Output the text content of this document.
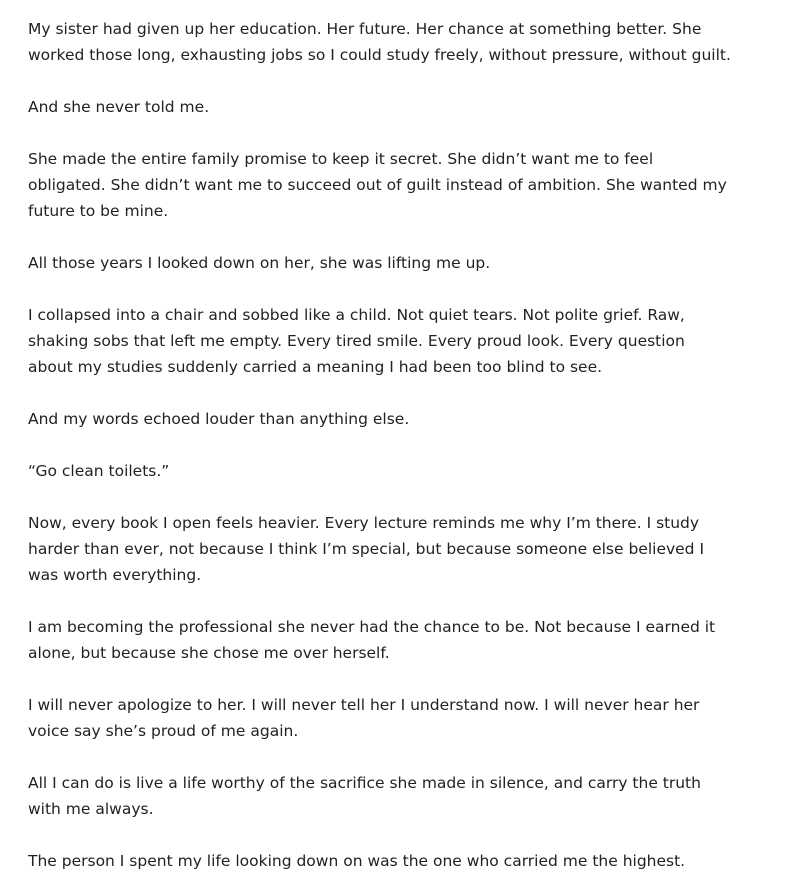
My sister had given up her education. Her future. Her chance at something better. She worked those long, exhausting jobs so I could study freely, without pressure, without guilt.

And she never told me.

She made the entire family promise to keep it secret. She didn’t want me to feel obligated. She didn’t want me to succeed out of guilt instead of ambition. She wanted my future to be mine.

All those years I looked down on her, she was lifting me up.

I collapsed into a chair and sobbed like a child. Not quiet tears. Not polite grief. Raw, shaking sobs that left me empty. Every tired smile. Every proud look. Every question about my studies suddenly carried a meaning I had been too blind to see.

And my words echoed louder than anything else.

“Go clean toilets.”

Now, every book I open feels heavier. Every lecture reminds me why I’m there. I study harder than ever, not because I think I’m special, but because someone else believed I was worth everything.

I am becoming the professional she never had the chance to be. Not because I earned it alone, but because she chose me over herself.

I will never apologize to her. I will never tell her I understand now. I will never hear her voice say she’s proud of me again.

All I can do is live a life worthy of the sacrifice she made in silence, and carry the truth with me always.

The person I spent my life looking down on was the one who carried me the highest.
